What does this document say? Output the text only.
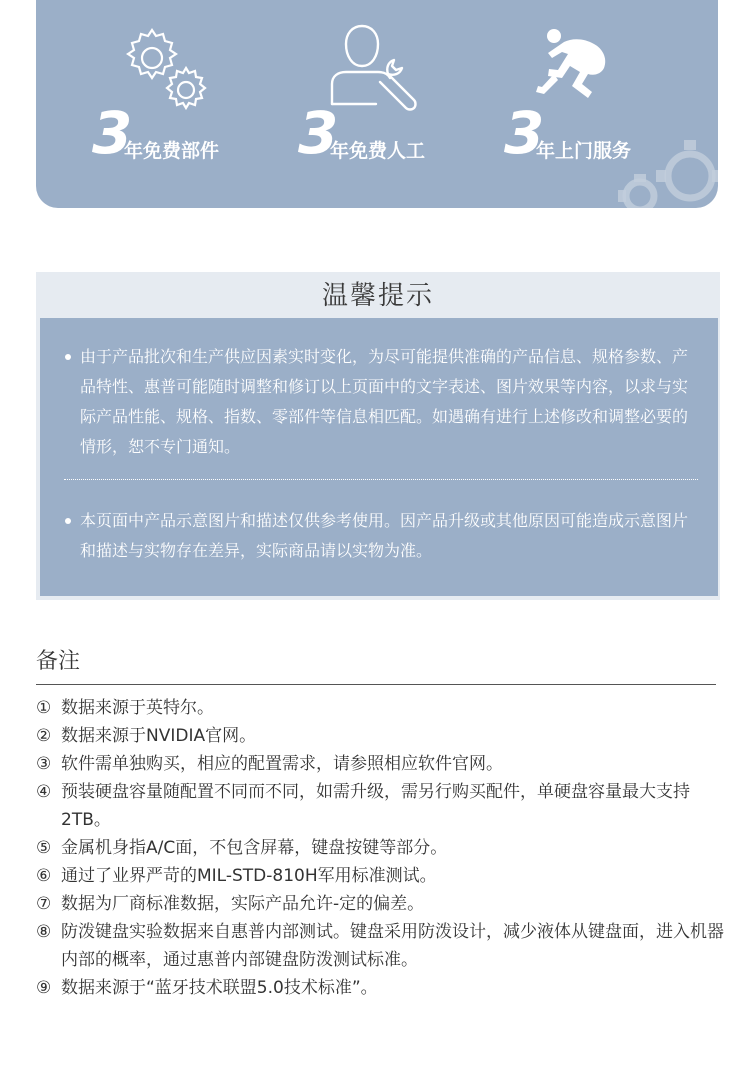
3
年免费部件 3
年免费人工 3
年上门服务
温馨提示
由于产品批次和生产供应因素实时变化，为尽可能提供准确的产品信息、规格参数、产品特性、惠普可能随时调整和修订以上页面中的文字表述、图片效果等内容，以求与实际产品性能、规格、指数、零部件等信息相匹配。如遇确有进行上述修改和调整必要的情形，恕不专门通知。
本页面中产品示意图片和描述仅供参考使用。因产品升级或其他原因可能造成示意图片和描述与实物存在差异，实际商品请以实物为准。
备注
① 数据来源于英特尔。
② 数据来源于NVIDIA官网。
③ 软件需单独购买，相应的配置需求，请参照相应软件官网。
④ 预装硬盘容量随配置不同而不同，如需升级，需另行购买配件，单硬盘容量最大支持2TB。
⑤ 金属机身指A/C面，不包含屏幕，键盘按键等部分。
⑥ 通过了业界严苛的MIL-STD-810H军用标准测试。
⑦ 数据为厂商标准数据，实际产品允许-定的偏差。
⑧ 防泼键盘实验数据来自惠普内部测试。键盘采用防泼设计，减少液体从键盘面，进入机器内部的概率，通过惠普内部键盘防泼测试标准。
⑨ 数据来源于“蓝牙技术联盟5.0技术标准”。
